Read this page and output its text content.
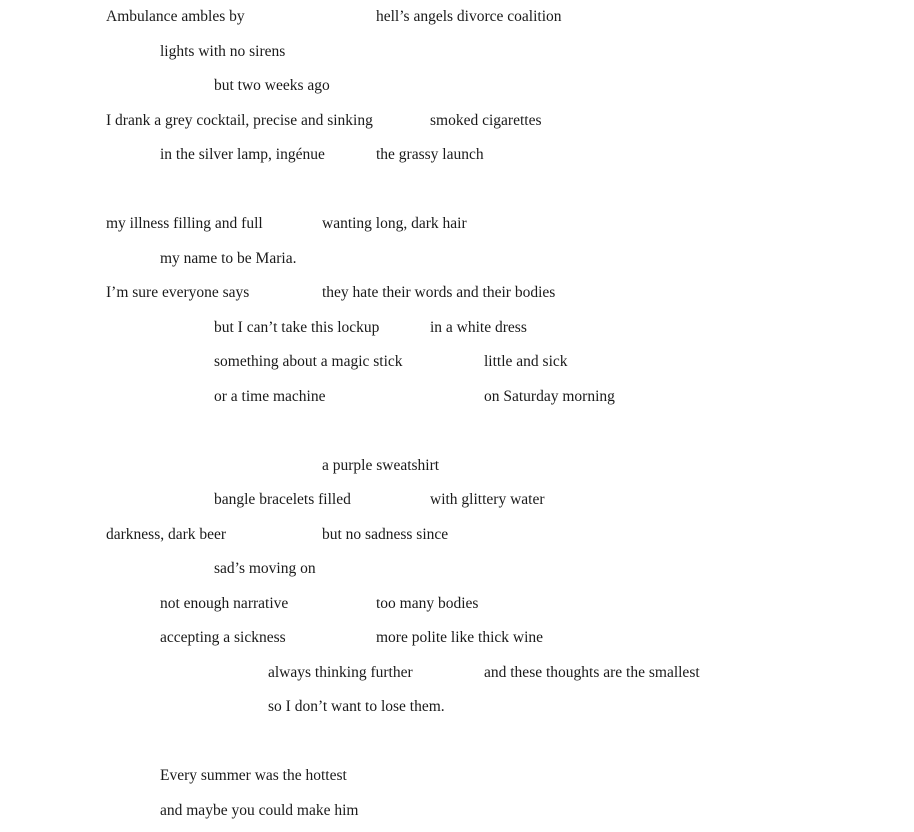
Ambulance ambles by	hell’s angels divorce coalition
lights with no sirens
but two weeks ago
I drank a grey cocktail, precise and sinking	smoked cigarettes
in the silver lamp, ingénue	the grassy launch
my illness filling and full	wanting long, dark hair
my name to be Maria.
I’m sure everyone says	they hate their words and their bodies
but I can’t take this lockup	in a white dress
something about a magic stick	little and sick
or a time machine	on Saturday morning
a purple sweatshirt
bangle bracelets filled	with glittery water
darkness, dark beer	but no sadness since
sad’s moving on
not enough narrative	too many bodies
accepting a sickness	more polite like thick wine
always thinking further	and these thoughts are the smallest
so I don’t want to lose them.
Every summer was the hottest
and maybe you could make him
